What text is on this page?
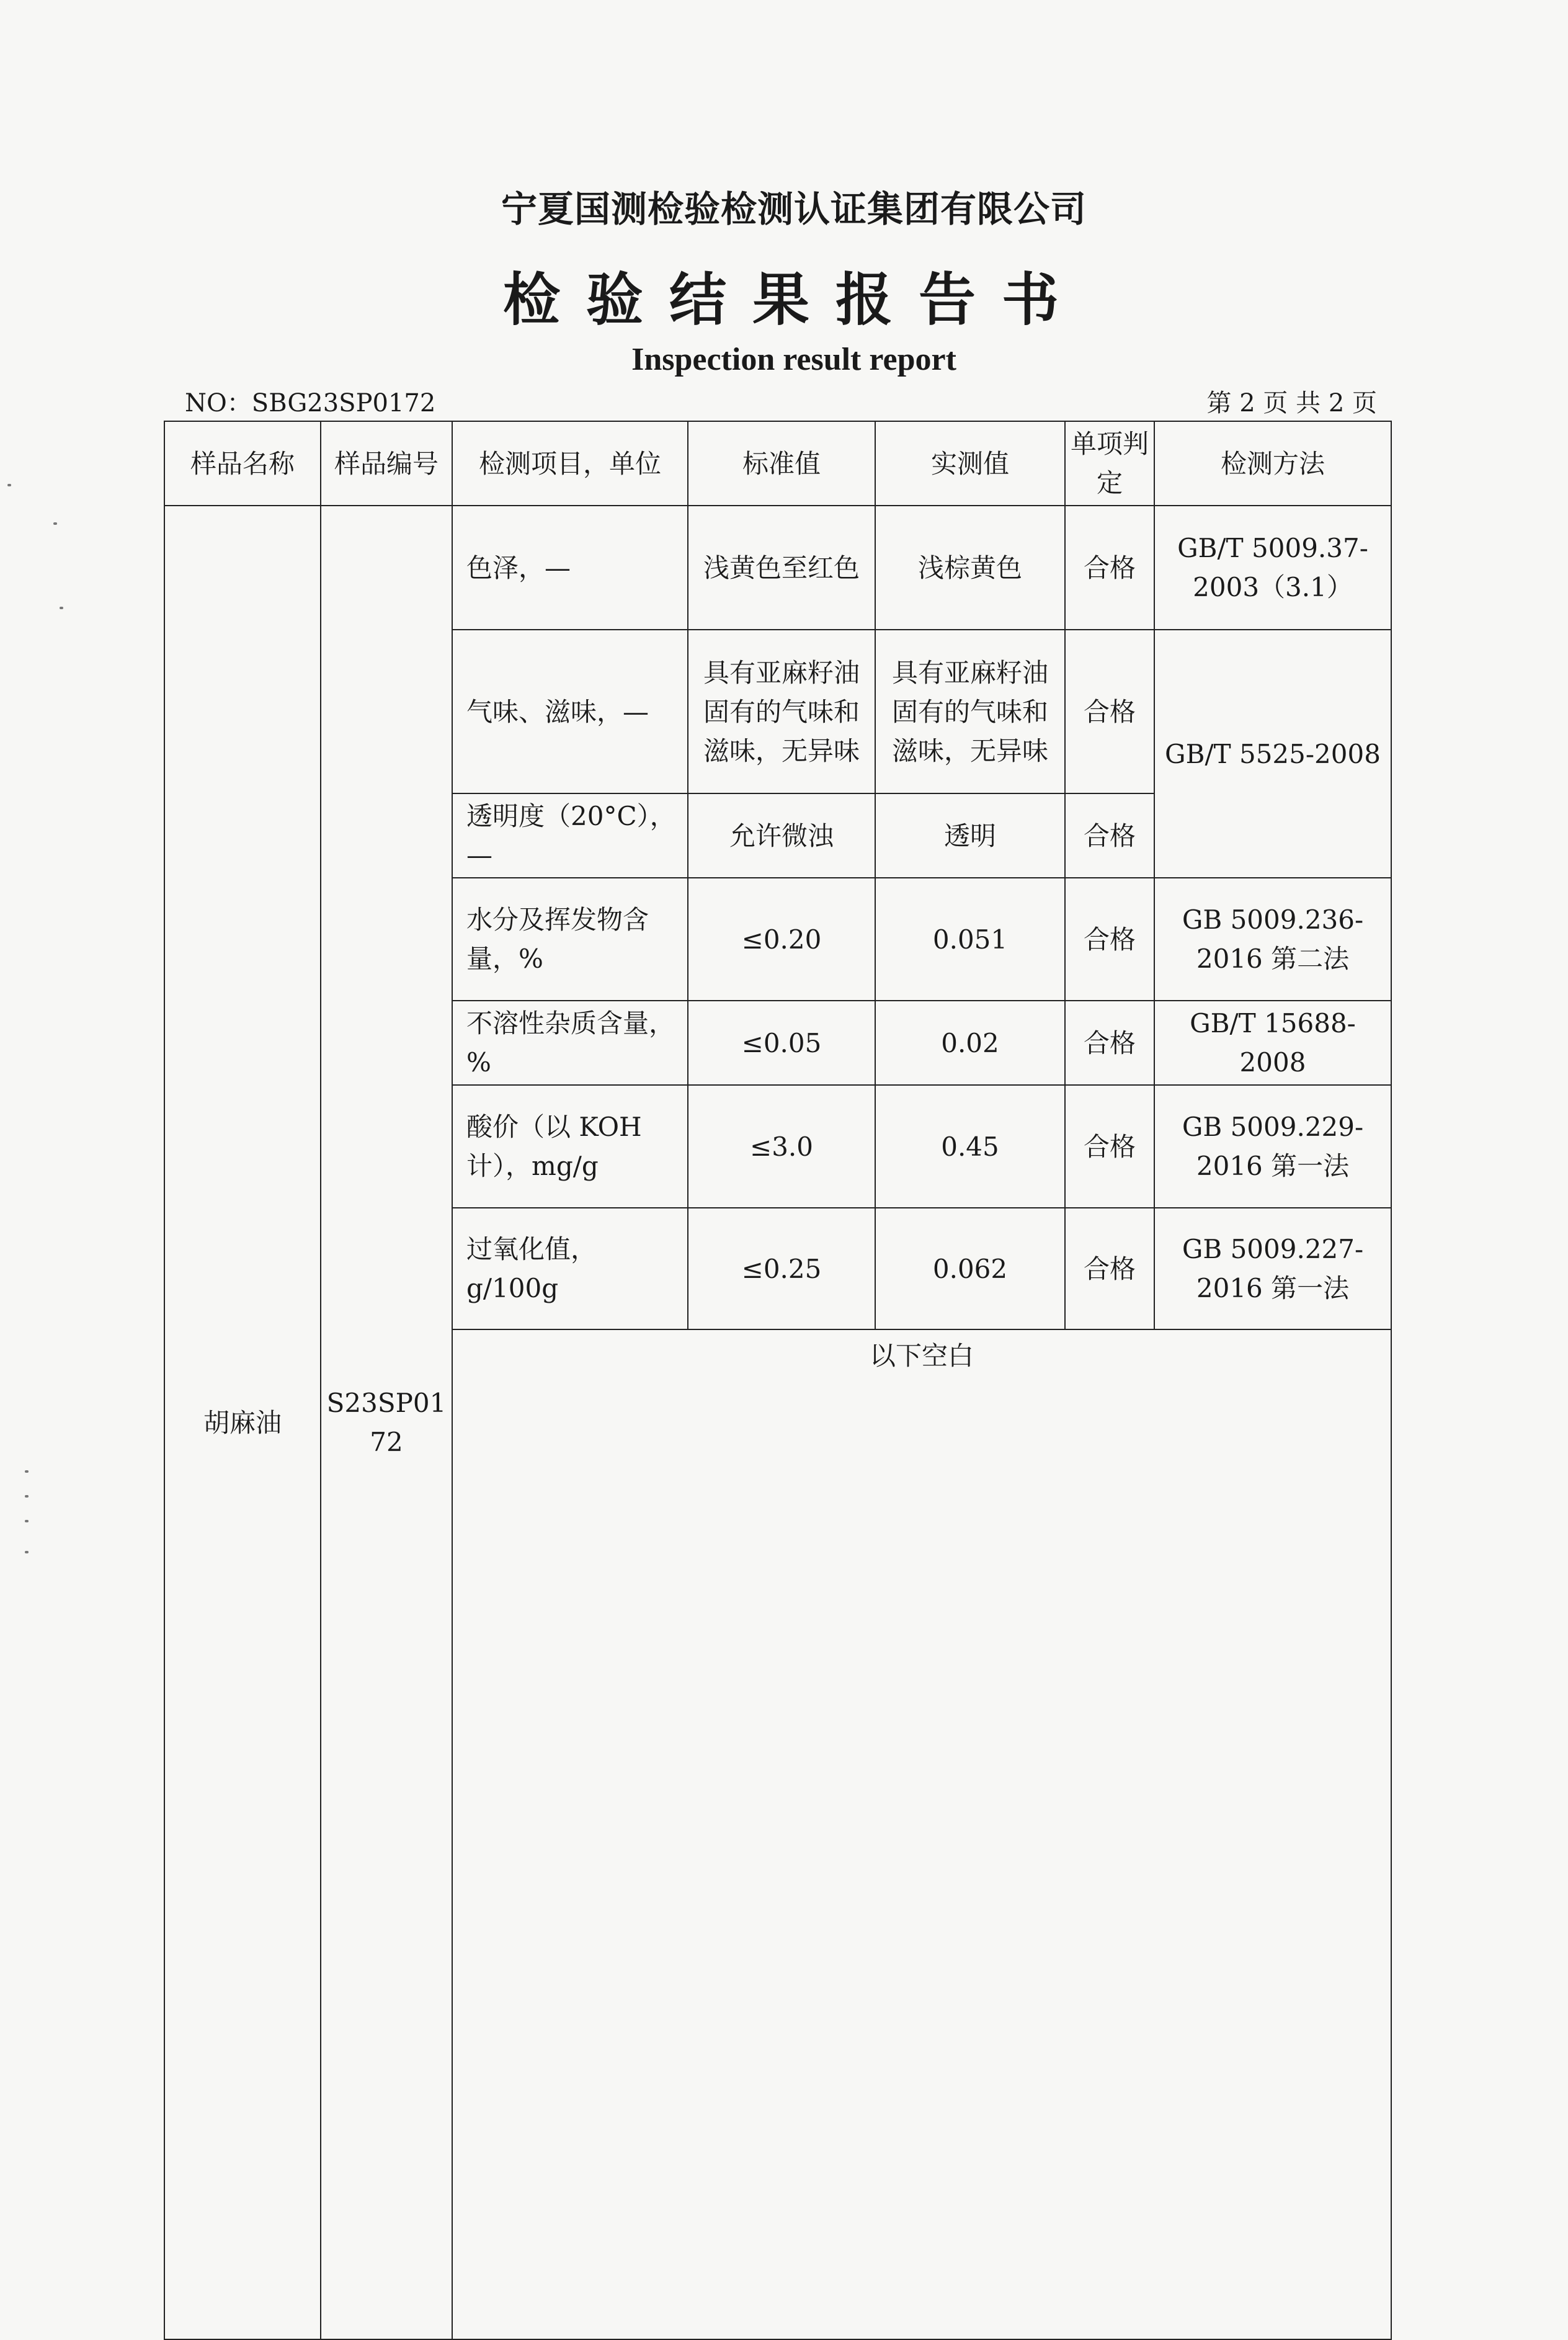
宁夏国测检验检测认证集团有限公司
检验结果报告书
Inspection result report
NO：SBG23SP0172	第 2 页 共 2 页
样品名称	样品编号	检测项目，单位	标准值	实测值	单项判定	检测方法
胡麻油	S23SP0172	色泽，—	浅黄色至红色	浅棕黄色	合格	GB/T 5009.37-2003（3.1）
		气味、滋味，—	具有亚麻籽油固有的气味和滋味，无异味	具有亚麻籽油固有的气味和滋味，无异味	合格	GB/T 5525-2008
		透明度（20°C），—	允许微浊	透明	合格	
		水分及挥发物含量，%	≤0.20	0.051	合格	GB 5009.236-2016 第二法
		不溶性杂质含量，%	≤0.05	0.02	合格	GB/T 15688-2008
		酸价（以 KOH 计），mg/g	≤3.0	0.45	合格	GB 5009.229-2016 第一法
		过氧化值，g/100g	≤0.25	0.062	合格	GB 5009.227-2016 第一法
		以下空白				
